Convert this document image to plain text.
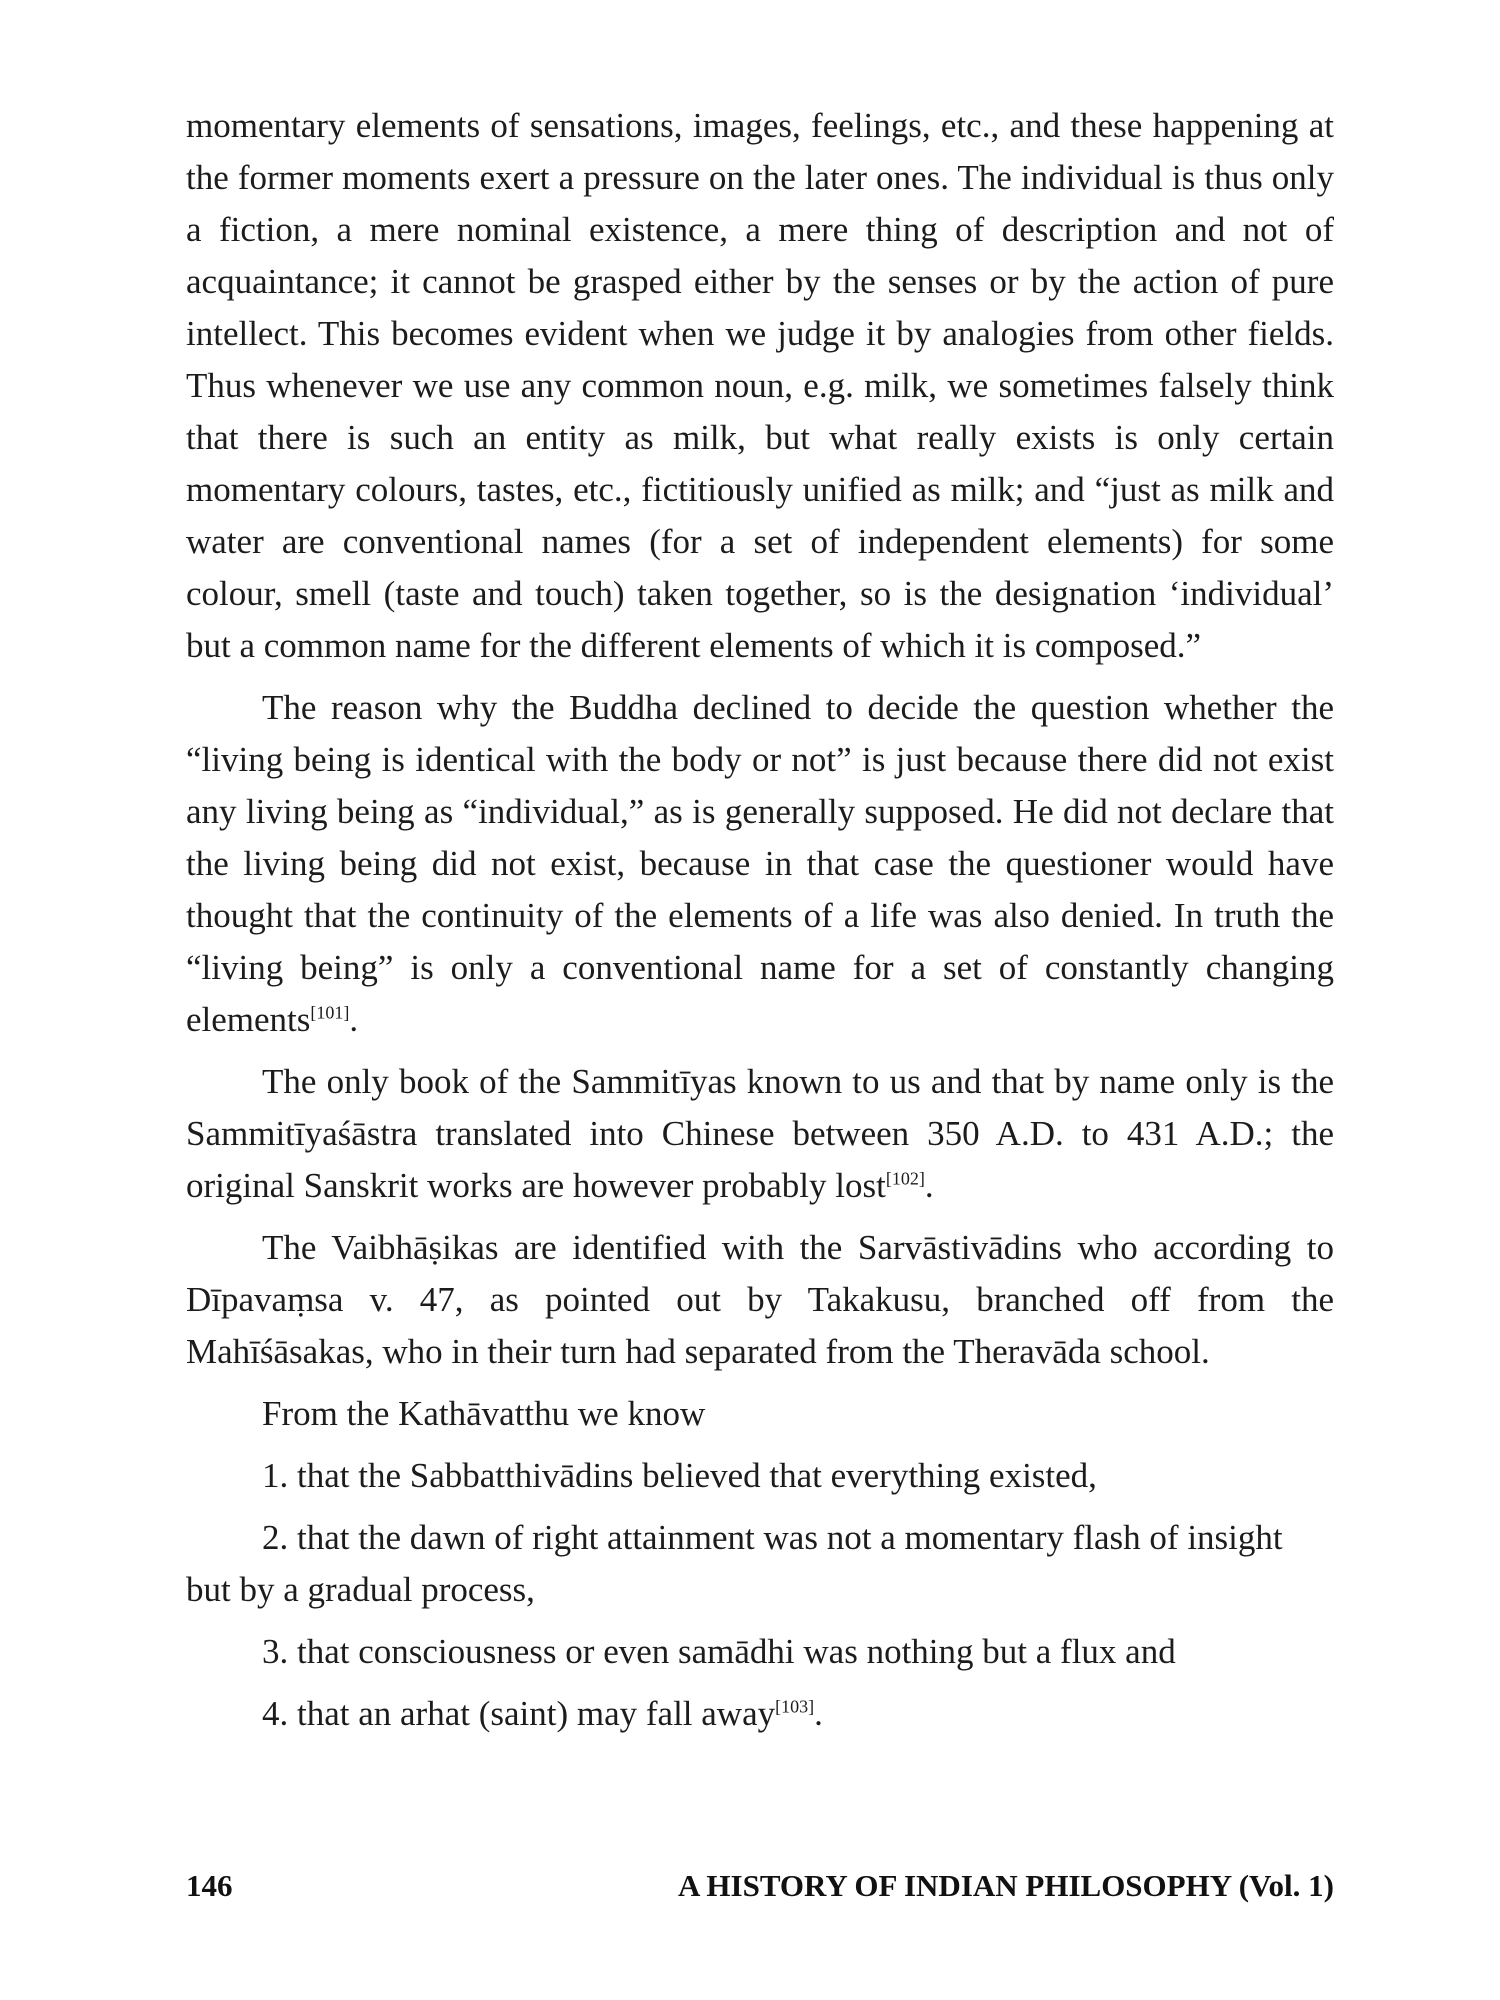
momentary elements of sensations, images, feelings, etc., and these happening at the former moments exert a pressure on the later ones. The individual is thus only a fiction, a mere nominal existence, a mere thing of description and not of acquaintance; it cannot be grasped either by the senses or by the action of pure intellect. This becomes evident when we judge it by analogies from other fields. Thus whenever we use any common noun, e.g. milk, we sometimes falsely think that there is such an entity as milk, but what really exists is only certain momentary colours, tastes, etc., fictitiously unified as milk; and “just as milk and water are conventional names (for a set of independent elements) for some colour, smell (taste and touch) taken together, so is the designation ‘individual’ but a common name for the different elements of which it is composed.”

The reason why the Buddha declined to decide the question whether the “living being is identical with the body or not” is just because there did not exist any living being as “individual,” as is generally supposed. He did not declare that the living being did not exist, because in that case the questioner would have thought that the continuity of the elements of a life was also denied. In truth the “living being” is only a conventional name for a set of constantly changing elements[101].

The only book of the Sammitīyas known to us and that by name only is the Sammitīyaśāstra translated into Chinese between 350 A.D. to 431 A.D.; the original Sanskrit works are however probably lost[102].

The Vaibhāṣikas are identified with the Sarvāstivādins who according to Dīpavaṃsa v. 47, as pointed out by Takakusu, branched off from the Mahīśāsakas, who in their turn had separated from the Theravāda school.

From the Kathāvatthu we know

1. that the Sabbatthivādins believed that everything existed,

2. that the dawn of right attainment was not a momentary flash of insight but by a gradual process,

3. that consciousness or even samādhi was nothing but a flux and

4. that an arhat (saint) may fall away[103].

146	A HISTORY OF INDIAN PHILOSOPHY (Vol. 1)
